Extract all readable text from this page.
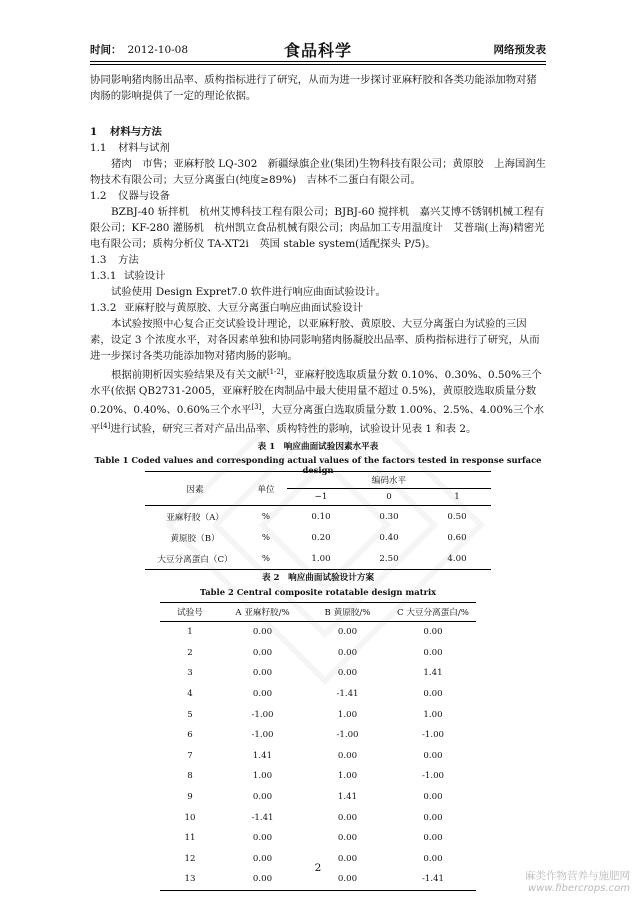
时间： 2012-10-08	食品科学	网络预发表
协同影响猪肉肠出品率、质构指标进行了研究，从而为进一步探讨亚麻籽胶和各类功能添加物对猪肉肠的影响提供了一定的理论依据。
1 材料与方法
1.1 材料与试剂
猪肉　市售；亚麻籽胶 LQ-302　新疆绿旗企业(集团)生物科技有限公司；黄原胶　上海国润生物技术有限公司；大豆分离蛋白(纯度≥89%)　吉林不二蛋白有限公司。
1.2 仪器与设备
BZBJ-40 斩拌机　杭州艾博科技工程有限公司；BJBJ-60 搅拌机　嘉兴艾博不锈钢机械工程有限公司；KF-280 灌肠机　杭州凯立食品机械有限公司；肉品加工专用温度计　艾普瑞(上海)精密光电有限公司；质构分析仪 TA-XT2i　英国 stable system(适配探头 P/5)。
1.3 方法
1.3.1 试验设计
试验使用 Design Expret7.0 软件进行响应曲面试验设计。
1.3.2 亚麻籽胶与黄原胶、大豆分离蛋白响应曲面试验设计
本试验按照中心复合正交试验设计理论，以亚麻籽胶、黄原胶、大豆分离蛋白为试验的三因素，设定 3 个浓度水平，对各因素单独和协同影响猪肉肠凝胶出品率、质构指标进行了研究，从而进一步探讨各类功能添加物对猪肉肠的影响。
根据前期析因实验结果及有关文献[1-2]，亚麻籽胶选取质量分数 0.10%、0.30%、0.50%三个水平(依据 QB2731-2005，亚麻籽胶在肉制品中最大使用量不超过 0.5%)，黄原胶选取质量分数 0.20%、0.40%、0.60%三个水平[3]，大豆分离蛋白选取质量分数 1.00%、2.5%、4.00%三个水平[4]进行试验，研究三者对产品出品率、质构特性的影响，试验设计见表 1 和表 2。
表 1　响应曲面试验因素水平表
Table 1 Coded values and corresponding actual values of the factors tested in response surface design
因素	单位	编码水平		
		−1	0	1
亚麻籽胶（A）	%	0.10	0.30	0.50
黄原胶（B）	%	0.20	0.40	0.60
大豆分离蛋白（C）	%	1.00	2.50	4.00
表 2　响应曲面试验设计方案
Table 2 Central composite rotatable design matrix
试验号	A 亚麻籽胶/%	B 黄原胶/%	C 大豆分离蛋白/%
1	0.00	0.00	0.00
2	0.00	0.00	0.00
3	0.00	0.00	1.41
4	0.00	-1.41	0.00
5	-1.00	1.00	1.00
6	-1.00	-1.00	-1.00
7	1.41	0.00	0.00
8	1.00	1.00	-1.00
9	0.00	1.41	0.00
10	-1.41	0.00	0.00
11	0.00	0.00	0.00
12	0.00	0.00	0.00
13	0.00	0.00	-1.41
2
麻类作物营养与施肥网
www.fibercrops.com
